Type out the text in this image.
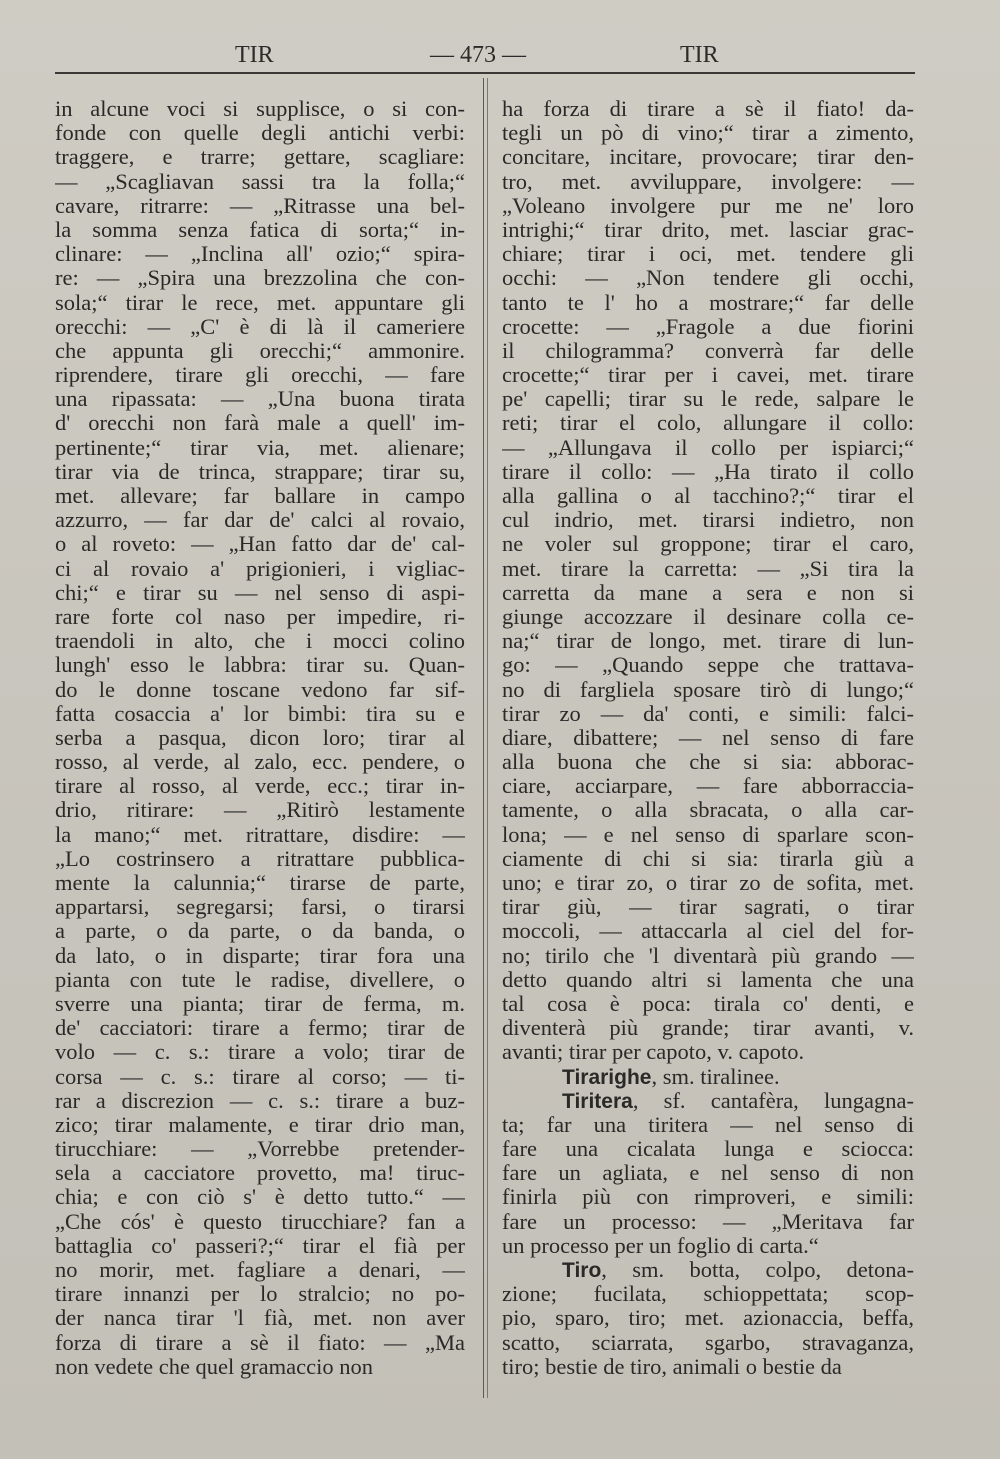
TIR	— 473 —	TIR
in alcune voci si supplisce, o si con-
fonde con quelle degli antichi verbi:
traggere, e trarre; gettare, scagliare:
— „Scagliavan sassi tra la folla;“
cavare, ritrarre: — „Ritrasse una bel-
la somma senza fatica di sorta;“ in-
clinare: — „Inclina all' ozio;“ spira-
re: — „Spira una brezzolina che con-
sola;“ tirar le rece, met. appuntare gli
orecchi: — „C' è di là il cameriere
che appunta gli orecchi;“ ammonire.
riprendere, tirare gli orecchi, — fare
una ripassata: — „Una buona tirata
d' orecchi non farà male a quell' im-
pertinente;“ tirar via, met. alienare;
tirar via de trinca, strappare; tirar su,
met. allevare; far ballare in campo
azzurro, — far dar de' calci al rovaio,
o al roveto: — „Han fatto dar de' cal-
ci al rovaio a' prigionieri, i vigliac-
chi;“ e tirar su — nel senso di aspi-
rare forte col naso per impedire, ri-
traendoli in alto, che i mocci colino
lungh' esso le labbra: tirar su. Quan-
do le donne toscane vedono far sif-
fatta cosaccia a' lor bimbi: tira su e
serba a pasqua, dicon loro; tirar al
rosso, al verde, al zalo, ecc. pendere, o
tirare al rosso, al verde, ecc.; tirar in-
drio, ritirare: — „Ritirò lestamente
la mano;“ met. ritrattare, disdire: —
„Lo costrinsero a ritrattare pubblica-
mente la calunnia;“ tirarse de parte,
appartarsi, segregarsi; farsi, o tirarsi
a parte, o da parte, o da banda, o
da lato, o in disparte; tirar fora una
pianta con tute le radise, divellere, o
sverre una pianta; tirar de ferma, m.
de' cacciatori: tirare a fermo; tirar de
volo — c. s.: tirare a volo; tirar de
corsa — c. s.: tirare al corso; — ti-
rar a discrezion — c. s.: tirare a buz-
zico; tirar malamente, e tirar drio man,
tirucchiare: — „Vorrebbe pretender-
sela a cacciatore provetto, ma! tiruc-
chia; e con ciò s' è detto tutto.“ —
„Che cós' è questo tirucchiare? fan a
battaglia co' passeri?;“ tirar el fià per
no morir, met. fagliare a denari, —
tirare innanzi per lo stralcio; no po-
der nanca tirar 'l fià, met. non aver
forza di tirare a sè il fiato: — „Ma
non vedete che quel gramaccio non
ha forza di tirare a sè il fiato! da-
tegli un pò di vino;“ tirar a zimento,
concitare, incitare, provocare; tirar den-
tro, met. avviluppare, involgere: —
„Voleano involgere pur me ne' loro
intrighi;“ tirar drito, met. lasciar grac-
chiare; tirar i oci, met. tendere gli
occhi: — „Non tendere gli occhi,
tanto te l' ho a mostrare;“ far delle
crocette: — „Fragole a due fiorini
il chilogramma? converrà far delle
crocette;“ tirar per i cavei, met. tirare
pe' capelli; tirar su le rede, salpare le
reti; tirar el colo, allungare il collo:
— „Allungava il collo per ispiarci;“
tirare il collo: — „Ha tirato il collo
alla gallina o al tacchino?;“ tirar el
cul indrio, met. tirarsi indietro, non
ne voler sul groppone; tirar el caro,
met. tirare la carretta: — „Si tira la
carretta da mane a sera e non si
giunge accozzare il desinare colla ce-
na;“ tirar de longo, met. tirare di lun-
go: — „Quando seppe che trattava-
no di fargliela sposare tirò di lungo;“
tirar zo — da' conti, e simili: falci-
diare, dibattere; — nel senso di fare
alla buona che che si sia: abborac-
ciare, acciarpare, — fare abborraccia-
tamente, o alla sbracata, o alla car-
lona; — e nel senso di sparlare scon-
ciamente di chi si sia: tirarla giù a
uno; e tirar zo, o tirar zo de sofita, met.
tirar giù, — tirar sagrati, o tirar
moccoli, — attaccarla al ciel del for-
no; tirilo che 'l diventarà più grando —
detto quando altri si lamenta che una
tal cosa è poca: tirala co' denti, e
diventerà più grande; tirar avanti, v.
avanti; tirar per capoto, v. capoto.
Tirarighe, sm. tiralinee.
Tiritera, sf. cantafèra, lungagna-
ta; far una tiritera — nel senso di
fare una cicalata lunga e sciocca:
fare un agliata, e nel senso di non
finirla più con rimproveri, e simili:
fare un processo: — „Meritava far
un processo per un foglio di carta.“
Tiro, sm. botta, colpo, detona-
zione; fucilata, schioppettata; scop-
pio, sparo, tiro; met. azionaccia, beffa,
scatto, sciarrata, sgarbo, stravaganza,
tiro; bestie de tiro, animali o bestie da
